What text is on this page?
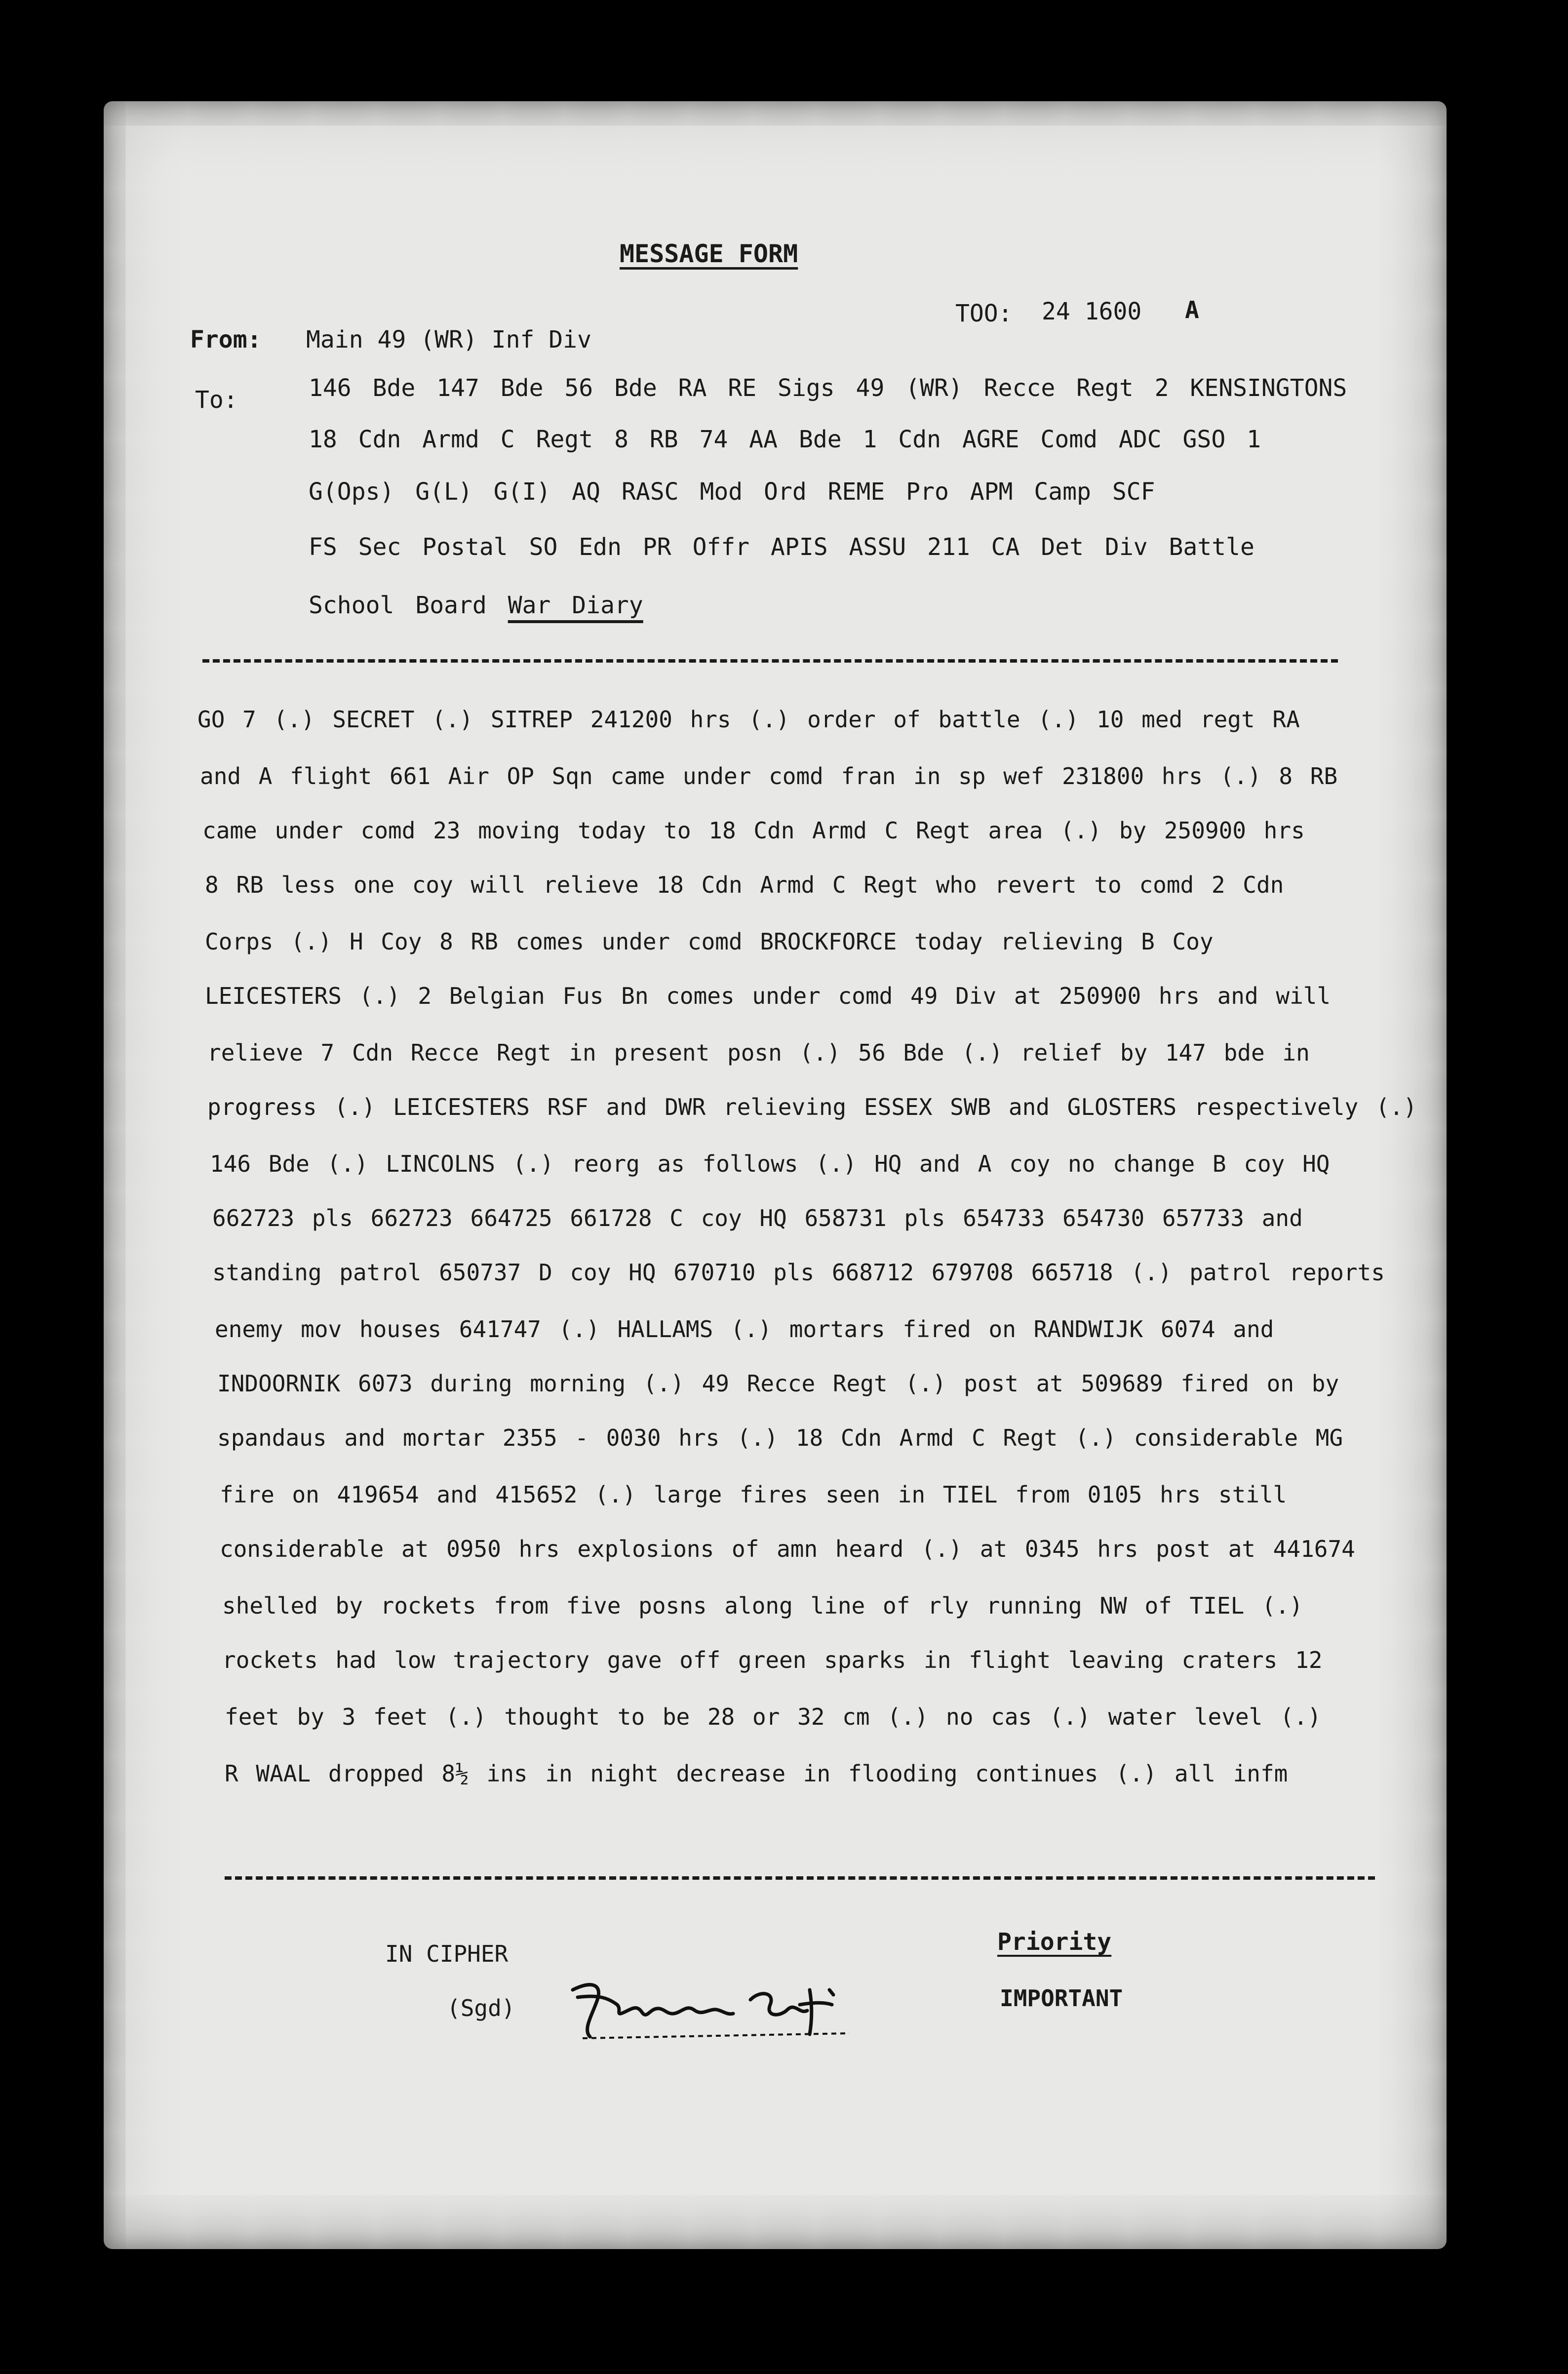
MESSAGE FORM
From: Main 49 (WR) Inf Div
TOO: 24 1600 A
To:	146 Bde 147 Bde 56 Bde RA RE Sigs 49 (WR) Recce Regt 2 KENSINGTONS
18 Cdn Armd C Regt 8 RB 74 AA Bde 1 Cdn AGRE Comd ADC GSO 1
G(Ops) G(L) G(I) AQ RASC Mod Ord REME Pro APM Camp SCF
FS Sec Postal SO Edn PR Offr APIS ASSU 211 CA Det Div Battle
School Board War Diary
GO 7 (.) SECRET (.) SITREP 241200 hrs (.) order of battle (.) 10 med regt RA
and A flight 661 Air OP Sqn came under comd fran in sp wef 231800 hrs (.) 8 RB
came under comd 23 moving today to 18 Cdn Armd C Regt area (.) by 250900 hrs
8 RB less one coy will relieve 18 Cdn Armd C Regt who revert to comd 2 Cdn
Corps (.) H Coy 8 RB comes under comd BROCKFORCE today relieving B Coy
LEICESTERS (.) 2 Belgian Fus Bn comes under comd 49 Div at 250900 hrs and will
relieve 7 Cdn Recce Regt in present posn (.) 56 Bde (.) relief by 147 bde in
progress (.) LEICESTERS RSF and DWR relieving ESSEX SWB and GLOSTERS respectively (.)
146 Bde (.) LINCOLNS (.) reorg as follows (.) HQ and A coy no change B coy HQ
662723 pls 662723 664725 661728 C coy HQ 658731 pls 654733 654730 657733 and
standing patrol 650737 D coy HQ 670710 pls 668712 679708 665718 (.) patrol reports
enemy mov houses 641747 (.) HALLAMS (.) mortars fired on RANDWIJK 6074 and
INDOORNIK 6073 during morning (.) 49 Recce Regt (.) post at 509689 fired on by
spandaus and mortar 2355 - 0030 hrs (.) 18 Cdn Armd C Regt (.) considerable MG
fire on 419654 and 415652 (.) large fires seen in TIEL from 0105 hrs still
considerable at 0950 hrs explosions of amn heard (.) at 0345 hrs post at 441674
shelled by rockets from five posns along line of rly running NW of TIEL (.)
rockets had low trajectory gave off green sparks in flight leaving craters 12
feet by 3 feet (.) thought to be 28 or 32 cm (.) no cas (.) water level (.)
R WAAL dropped 8½ ins in night decrease in flooding continues (.) all infm
IN CIPHER
(Sgd)
Priority
IMPORTANT
